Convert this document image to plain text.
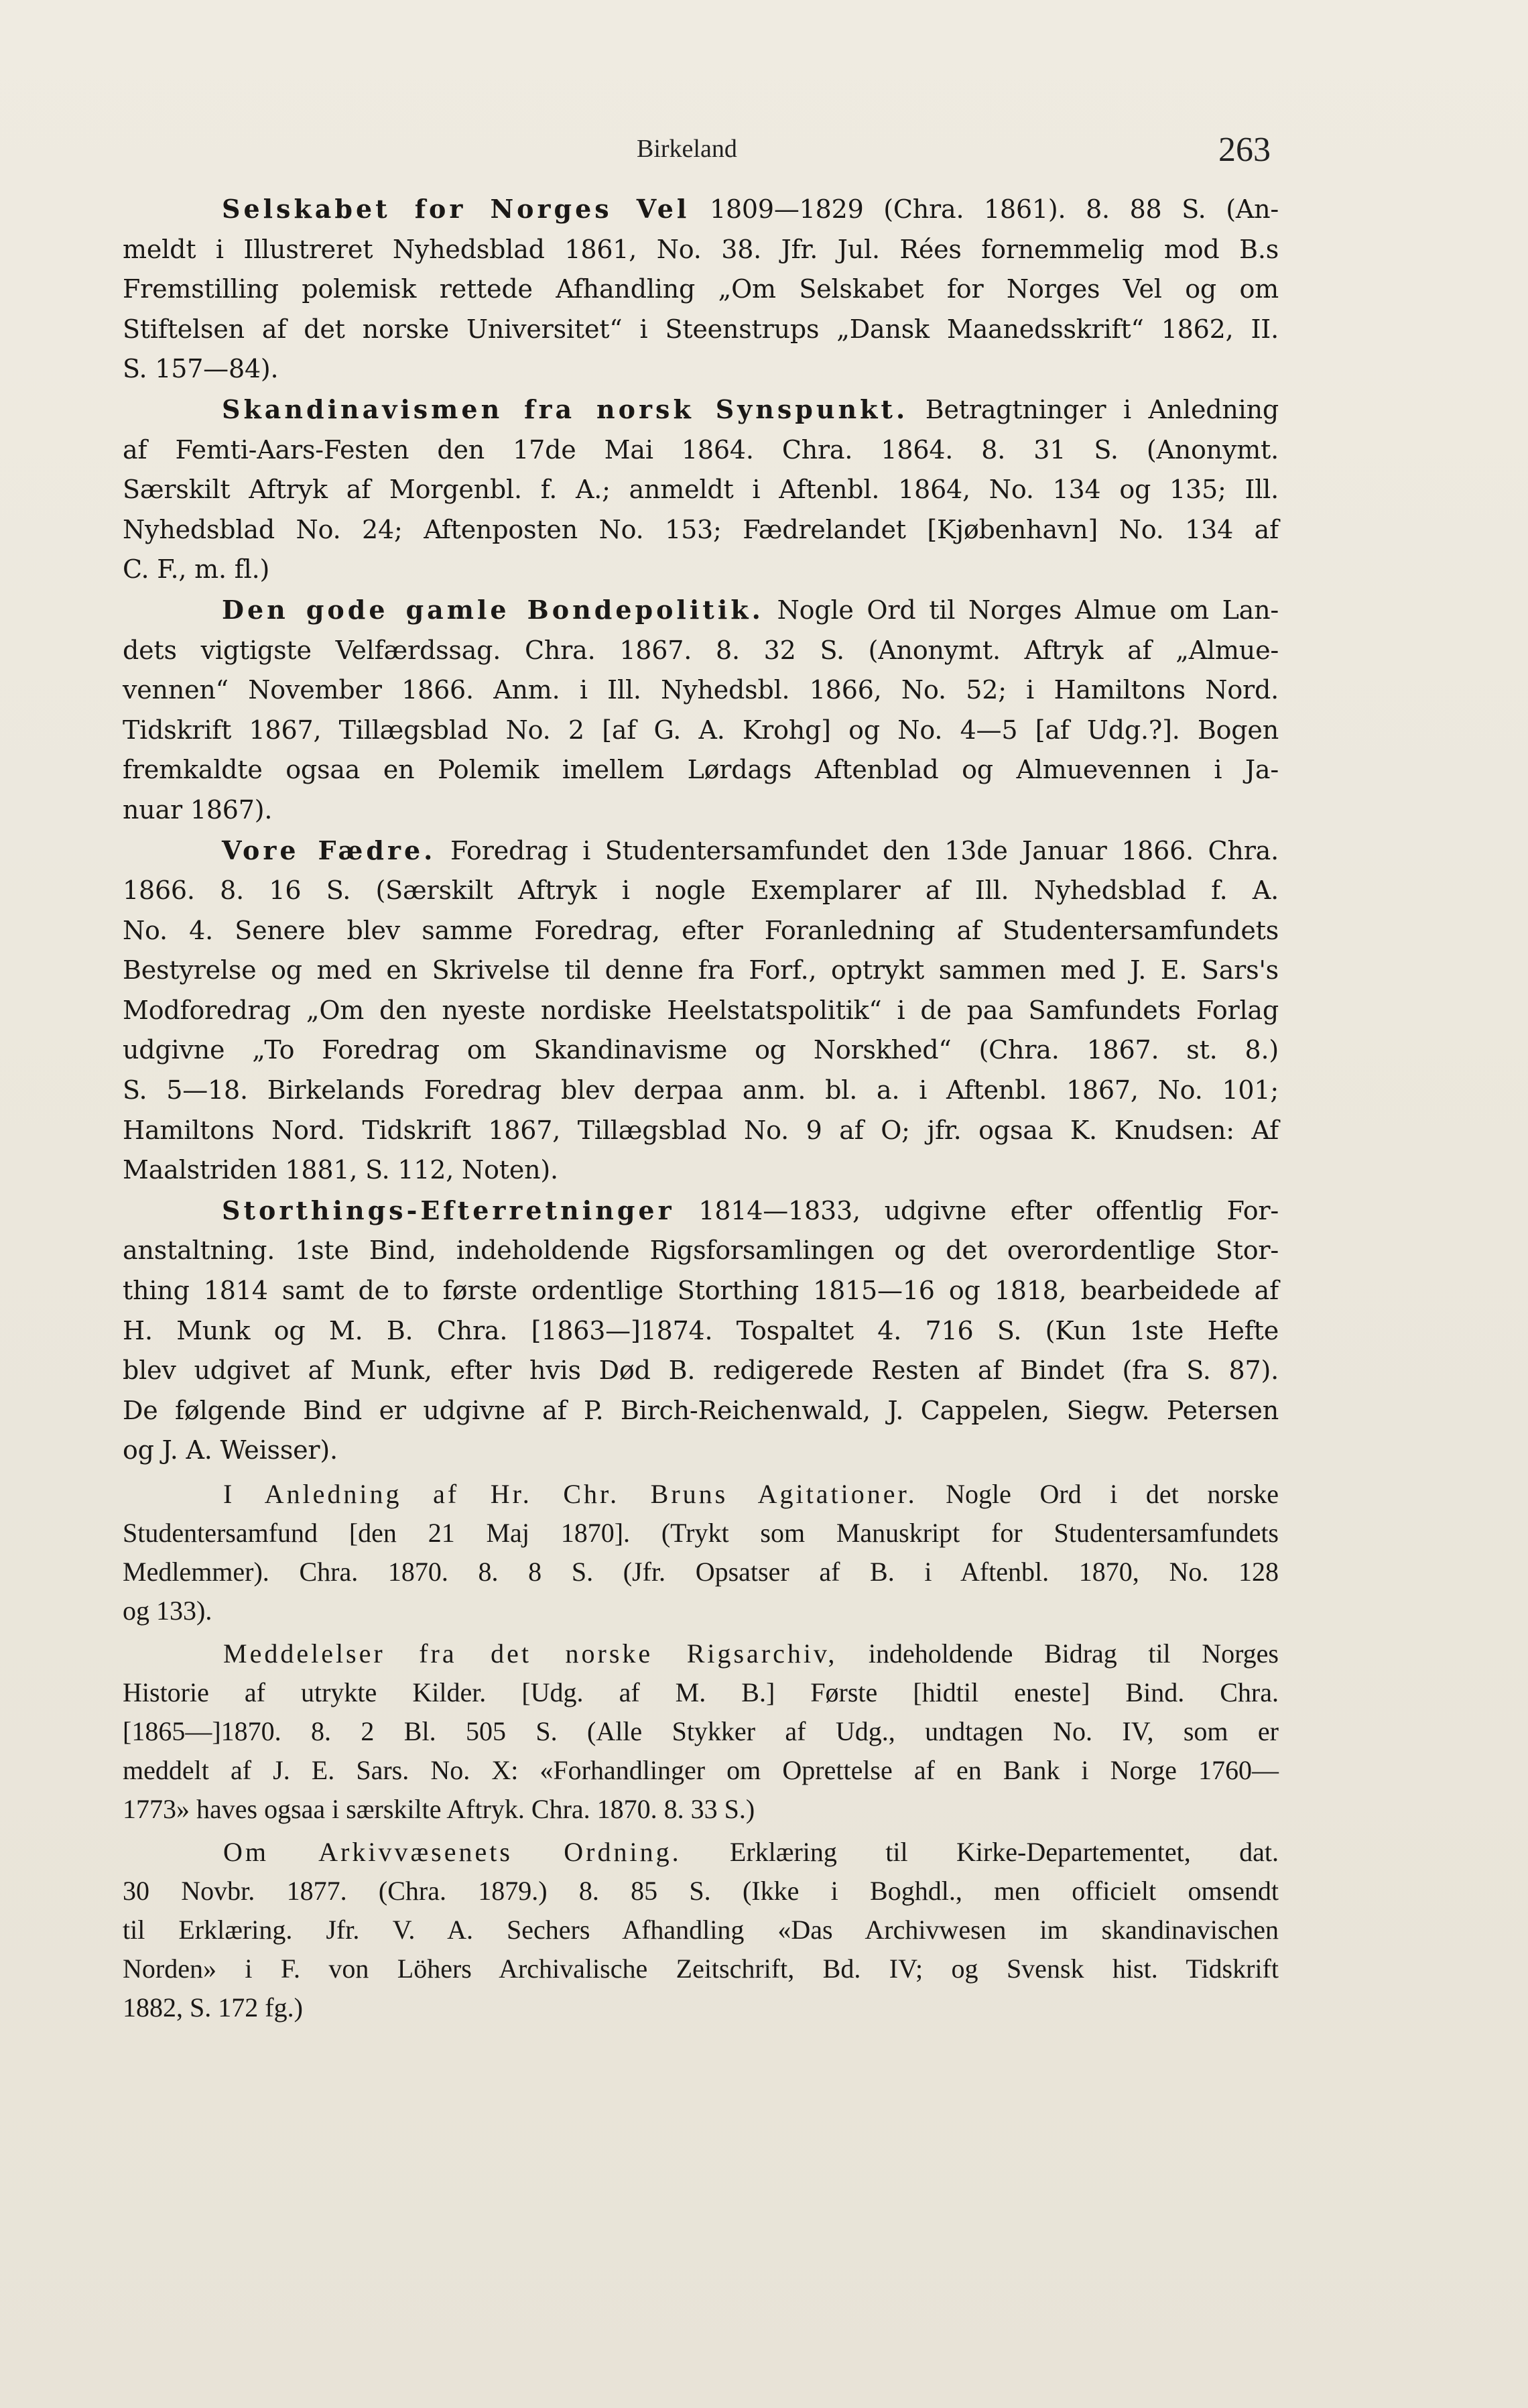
Birkeland	263
Selskabet for Norges Vel 1809—1829 (Chra. 1861). 8. 88 S. (An-
meldt i Illustreret Nyhedsblad 1861, No. 38. Jfr. Jul. Rées fornemmelig mod B.s
Fremstilling polemisk rettede Afhandling „Om Selskabet for Norges Vel og om
Stiftelsen af det norske Universitet“ i Steenstrups „Dansk Maanedsskrift“ 1862, II.
S. 157—84).
Skandinavismen fra norsk Synspunkt. Betragtninger i Anledning
af Femti-Aars-Festen den 17de Mai 1864. Chra. 1864. 8. 31 S. (Anonymt.
Særskilt Aftryk af Morgenbl. f. A.; anmeldt i Aftenbl. 1864, No. 134 og 135; Ill.
Nyhedsblad No. 24; Aftenposten No. 153; Fædrelandet [Kjøbenhavn] No. 134 af
C. F., m. fl.)
Den gode gamle Bondepolitik. Nogle Ord til Norges Almue om Lan-
dets vigtigste Velfærdssag. Chra. 1867. 8. 32 S. (Anonymt. Aftryk af „Almue-
vennen“ November 1866. Anm. i Ill. Nyhedsbl. 1866, No. 52; i Hamiltons Nord.
Tidskrift 1867, Tillægsblad No. 2 [af G. A. Krohg] og No. 4—5 [af Udg.?]. Bogen
fremkaldte ogsaa en Polemik imellem Lørdags Aftenblad og Almuevennen i Ja-
nuar 1867).
Vore Fædre. Foredrag i Studentersamfundet den 13de Januar 1866. Chra.
1866. 8. 16 S. (Særskilt Aftryk i nogle Exemplarer af Ill. Nyhedsblad f. A.
No. 4. Senere blev samme Foredrag, efter Foranledning af Studentersamfundets
Bestyrelse og med en Skrivelse til denne fra Forf., optrykt sammen med J. E. Sars's
Modforedrag „Om den nyeste nordiske Heelstatspolitik“ i de paa Samfundets Forlag
udgivne „To Foredrag om Skandinavisme og Norskhed“ (Chra. 1867. st. 8.)
S. 5—18. Birkelands Foredrag blev derpaa anm. bl. a. i Aftenbl. 1867, No. 101;
Hamiltons Nord. Tidskrift 1867, Tillægsblad No. 9 af O; jfr. ogsaa K. Knudsen: Af
Maalstriden 1881, S. 112, Noten).
Storthings-Efterretninger 1814—1833, udgivne efter offentlig For-
anstaltning. 1ste Bind, indeholdende Rigsforsamlingen og det overordentlige Stor-
thing 1814 samt de to første ordentlige Storthing 1815—16 og 1818, bearbeidede af
H. Munk og M. B. Chra. [1863—]1874. Tospaltet 4. 716 S. (Kun 1ste Hefte
blev udgivet af Munk, efter hvis Død B. redigerede Resten af Bindet (fra S. 87).
De følgende Bind er udgivne af P. Birch-Reichenwald, J. Cappelen, Siegw. Petersen
og J. A. Weisser).
I Anledning af Hr. Chr. Bruns Agitationer. Nogle Ord i det norske
Studentersamfund [den 21 Maj 1870]. (Trykt som Manuskript for Studentersamfundets
Medlemmer). Chra. 1870. 8. 8 S. (Jfr. Opsatser af B. i Aftenbl. 1870, No. 128
og 133).
Meddelelser fra det norske Rigsarchiv, indeholdende Bidrag til Norges
Historie af utrykte Kilder. [Udg. af M. B.] Første [hidtil eneste] Bind. Chra.
[1865—]1870. 8. 2 Bl. 505 S. (Alle Stykker af Udg., undtagen No. IV, som er
meddelt af J. E. Sars. No. X: «Forhandlinger om Oprettelse af en Bank i Norge 1760—
1773» haves ogsaa i særskilte Aftryk. Chra. 1870. 8. 33 S.)
Om Arkivvæsenets Ordning. Erklæring til Kirke-Departementet, dat.
30 Novbr. 1877. (Chra. 1879.) 8. 85 S. (Ikke i Boghdl., men officielt omsendt
til Erklæring. Jfr. V. A. Sechers Afhandling «Das Archivwesen im skandinavischen
Norden» i F. von Löhers Archivalische Zeitschrift, Bd. IV; og Svensk hist. Tidskrift
1882, S. 172 fg.)
